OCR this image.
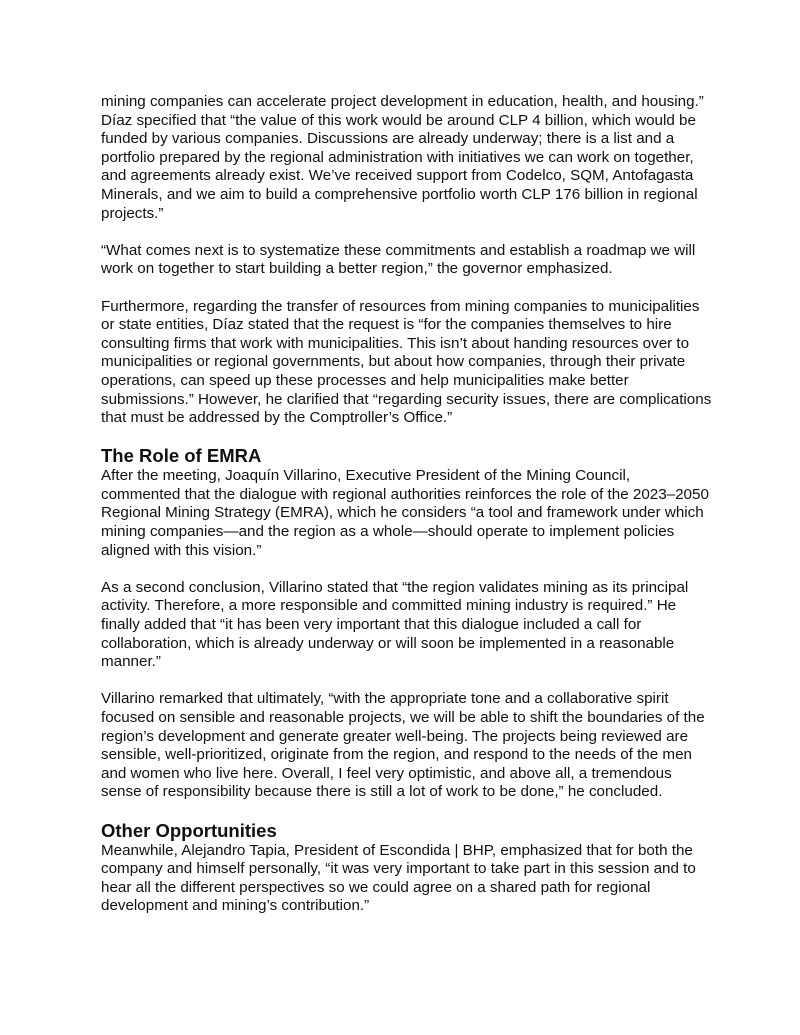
mining companies can accelerate project development in education, health, and housing.” Díaz specified that “the value of this work would be around CLP 4 billion, which would be funded by various companies. Discussions are already underway; there is a list and a portfolio prepared by the regional administration with initiatives we can work on together, and agreements already exist. We’ve received support from Codelco, SQM, Antofagasta Minerals, and we aim to build a comprehensive portfolio worth CLP 176 billion in regional projects.”

“What comes next is to systematize these commitments and establish a roadmap we will work on together to start building a better region,” the governor emphasized.

Furthermore, regarding the transfer of resources from mining companies to municipalities or state entities, Díaz stated that the request is “for the companies themselves to hire consulting firms that work with municipalities. This isn’t about handing resources over to municipalities or regional governments, but about how companies, through their private operations, can speed up these processes and help municipalities make better submissions.” However, he clarified that “regarding security issues, there are complications that must be addressed by the Comptroller’s Office.”

The Role of EMRA

After the meeting, Joaquín Villarino, Executive President of the Mining Council, commented that the dialogue with regional authorities reinforces the role of the 2023–2050 Regional Mining Strategy (EMRA), which he considers “a tool and framework under which mining companies—and the region as a whole—should operate to implement policies aligned with this vision.”

As a second conclusion, Villarino stated that “the region validates mining as its principal activity. Therefore, a more responsible and committed mining industry is required.” He finally added that “it has been very important that this dialogue included a call for collaboration, which is already underway or will soon be implemented in a reasonable manner.”

Villarino remarked that ultimately, “with the appropriate tone and a collaborative spirit focused on sensible and reasonable projects, we will be able to shift the boundaries of the region’s development and generate greater well-being. The projects being reviewed are sensible, well-prioritized, originate from the region, and respond to the needs of the men and women who live here. Overall, I feel very optimistic, and above all, a tremendous sense of responsibility because there is still a lot of work to be done,” he concluded.

Other Opportunities

Meanwhile, Alejandro Tapia, President of Escondida | BHP, emphasized that for both the company and himself personally, “it was very important to take part in this session and to hear all the different perspectives so we could agree on a shared path for regional development and mining’s contribution.”
